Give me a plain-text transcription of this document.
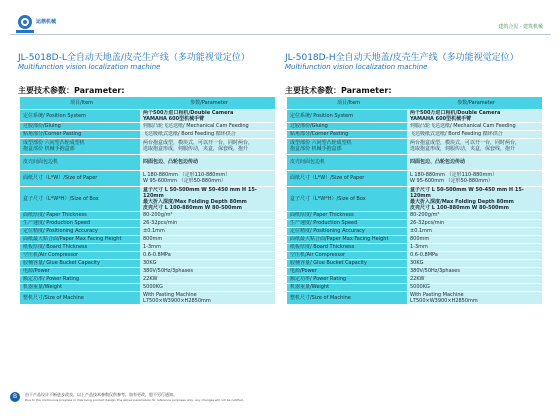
运鼎机械
建筑合见 · 建筑机械
JL-5018D-L全自动天地盖/皮壳生产线（多功能视觉定位）
Multifunction vision localization machine
主要技术参数：Parameter:
项目/Item	参数/Parameter
定位系统/ Position System	两个500万进口相机/Double Camera
YAMAHA 600型机械手臂
过胶部份/Gluing	伺服凸轮飞达送纸/ Mechanical Cam Feeding
贴角部分/Corner Pasting	飞达吸纸式送纸/ Bord Feeding 循环供合
成型部份 六问型凸轮成型机
抱盒部份 机械手抱盒部	两台抱盒成型，模块式，可以开一台，同时两台，
选取抱盒形成，伺服传动，夹盒，保套线，抱升
皮壳间面包边机	四面包边、凸轮包边传动
面纸尺寸（L*W）/Size of Paper	L 180-880mm （定形110-880mm）
W 95-600mm （定形50-880mm）
盒子尺寸（L*W*H）/Size of Box	盒子尺寸 L 50-500mm W 50-450 mm H 15-120mm
最大折入深度/Max Folding Depth 80mm
皮壳尺寸 L 100-880mm W 80-500mm
面纸厚度/ Paper Thickness	80-200g/m²
生产速度/ Production Speed	26-32pcs/min
定位精度/ Positioning Accuracy	±0.1mm
面纸最大贴合面/Paper Max Facing Height	800mm
纸板厚度/ Board Thickness	1-3mm
空压机/Air Compressor	0.6-0.8MPa
胶桶容量/ Glue Bucket Capacity	30KG
电源/Power	380V/50Hz/3phases
额定功率/ Power Rating	22KW
机器重量/Weight	5000KG
整机尺寸/Size of Machine	With Pasting Machine
L7500×W3900×H2850mm
JL-5018D-H全自动天地盖/皮壳生产线（多功能视觉定位）
Multifunction vision localization machine
主要技术参数：Parameter:
项目/Item	参数/Parameter
定位系统/ Position System	两个500万进口相机/Double Camera
YAMAHA 600型机械手臂
过胶部份/Gluing	伺服凸轮飞达送纸/ Mechanical Cam Feeding
贴角部分/Corner Pasting	飞达吸纸式送纸/ Bord Feeding 循环供合
成型部份 六问型凸轮成型机
抱盒部份 机械手抱盒部	两台抱盒成型，模块式，可以开一台，同时两台，
选取抱盒形成，伺服传动，夹盒，保套线，抱升
皮壳间面包边机	四面包边、凸轮包边传动
面纸尺寸（L*W）/Size of Paper	L 180-880mm （定形110-880mm）
W 95-600mm （定形50-880mm）
盒子尺寸（L*W*H）/Size of Box	盒子尺寸 L 50-500mm W 50-450 mm H 15-120mm
最大折入深度/Max Folding Depth 80mm
皮壳尺寸 L 100-880mm W 80-500mm
面纸厚度/ Paper Thickness	80-200g/m²
生产速度/ Production Speed	26-32pcs/min
定位精度/ Positioning Accuracy	±0.1mm
面纸最大贴合面/Paper Max Facing Height	800mm
纸板厚度/ Board Thickness	1-3mm
空压机/Air Compressor	0.6-0.8MPa
胶桶容量/ Glue Bucket Capacity	30KG
电源/Power	380V/50Hz/3phases
额定功率/ Power Rating	22KW
机器重量/Weight	5000KG
整机尺寸/Size of Machine	With Pasting Machine
L7500×W3900×H2850mm
B	由于产品设计不断进步改良，以上产品技术参数仅供参考，如有更改，恕不另行通知。
Due to the continuous progress in improving product design, the above parameters for reference purposes only, any changes will not be notified.
